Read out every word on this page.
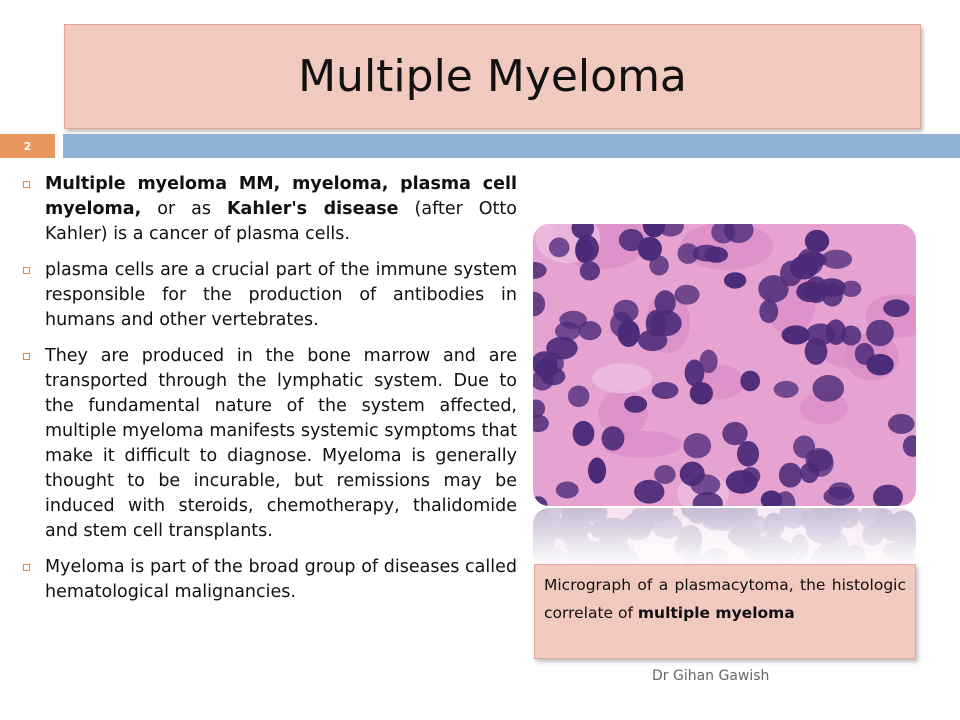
Multiple Myeloma
2
Multiple myeloma MM, myeloma, plasma cell myeloma, or as Kahler's disease (after Otto Kahler) is a cancer of plasma cells.
plasma cells are a crucial part of the immune system responsible for the production of antibodies in humans and other vertebrates.
They are produced in the bone marrow and are transported through the lymphatic system. Due to the fundamental nature of the system affected, multiple myeloma manifests systemic symptoms that make it difficult to diagnose. Myeloma is generally thought to be incurable, but remissions may be induced with steroids, chemotherapy, thalidomide and stem cell transplants.
Myeloma is part of the broad group of diseases called hematological malignancies.	Micrograph of a plasmacytoma, the histologic correlate of multiple myeloma
Dr Gihan Gawish
